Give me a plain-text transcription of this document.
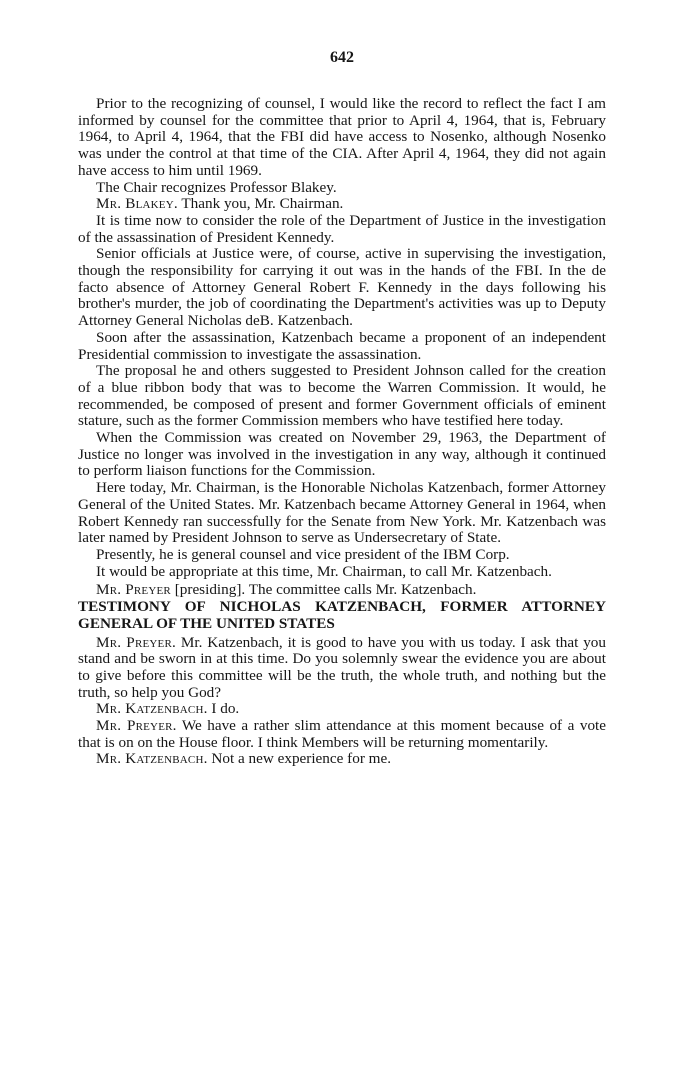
642

Prior to the recognizing of counsel, I would like the record to reflect the fact I am informed by counsel for the committee that prior to April 4, 1964, that is, February 1964, to April 4, 1964, that the FBI did have access to Nosenko, although Nosenko was under the control at that time of the CIA. After April 4, 1964, they did not again have access to him until 1969.

The Chair recognizes Professor Blakey.

Mr. Blakey. Thank you, Mr. Chairman.

It is time now to consider the role of the Department of Justice in the investigation of the assassination of President Kennedy.

Senior officials at Justice were, of course, active in supervising the investigation, though the responsibility for carrying it out was in the hands of the FBI. In the de facto absence of Attorney General Robert F. Kennedy in the days following his brother's murder, the job of coordinating the Department's activities was up to Deputy Attorney General Nicholas deB. Katzenbach.

Soon after the assassination, Katzenbach became a proponent of an independent Presidential commission to investigate the assassination.

The proposal he and others suggested to President Johnson called for the creation of a blue ribbon body that was to become the Warren Commission. It would, he recommended, be composed of present and former Government officials of eminent stature, such as the former Commission members who have testified here today.

When the Commission was created on November 29, 1963, the Department of Justice no longer was involved in the investigation in any way, although it continued to perform liaison functions for the Commission.

Here today, Mr. Chairman, is the Honorable Nicholas Katzenbach, former Attorney General of the United States. Mr. Katzenbach became Attorney General in 1964, when Robert Kennedy ran successfully for the Senate from New York. Mr. Katzenbach was later named by President Johnson to serve as Undersecretary of State.

Presently, he is general counsel and vice president of the IBM Corp.

It would be appropriate at this time, Mr. Chairman, to call Mr. Katzenbach.

Mr. Preyer [presiding]. The committee calls Mr. Katzenbach.

TESTIMONY OF NICHOLAS KATZENBACH, FORMER ATTORNEY GENERAL OF THE UNITED STATES

Mr. Preyer. Mr. Katzenbach, it is good to have you with us today. I ask that you stand and be sworn in at this time. Do you solemnly swear the evidence you are about to give before this committee will be the truth, the whole truth, and nothing but the truth, so help you God?

Mr. Katzenbach. I do.

Mr. Preyer. We have a rather slim attendance at this moment because of a vote that is on on the House floor. I think Members will be returning momentarily.

Mr. Katzenbach. Not a new experience for me.
